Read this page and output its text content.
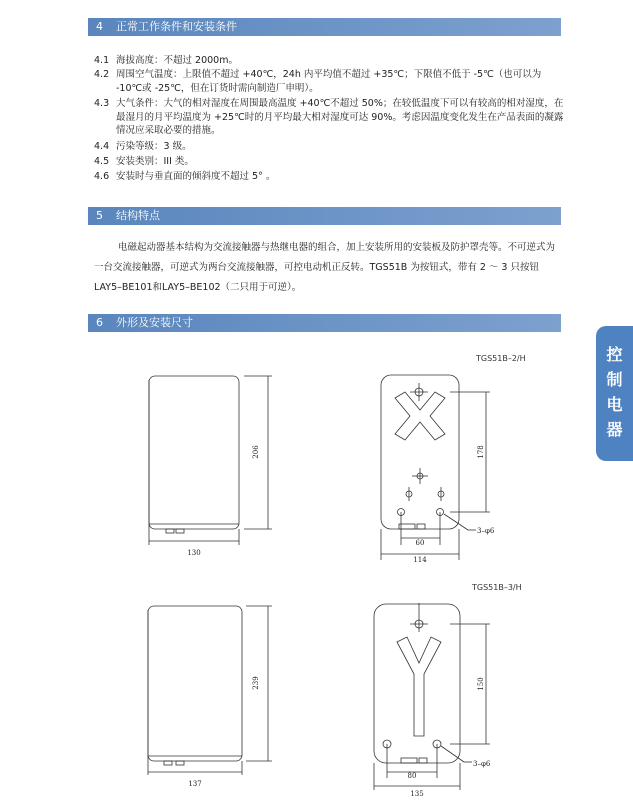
4 正常工作条件和安装条件
4.1 海拔高度：不超过 2000m。
4.2 周围空气温度：上限值不超过 +40℃，24h 内平均值不超过 +35℃；下限值不低于 -5℃（也可以为 -10℃或 -25℃，但在订货时需向制造厂申明）。
4.3 大气条件：大气的相对湿度在周围最高温度 +40℃不超过 50%；在较低温度下可以有较高的相对湿度，在最湿月的月平均温度为 +25℃时的月平均最大相对湿度可达 90%。考虑因温度变化发生在产品表面的凝露情况应采取必要的措施。
4.4 污染等级：3 级。
4.5 安装类别：III 类。
4.6 安装时与垂直面的倾斜度不超过 5° 。
5 结构特点

电磁起动器基本结构为交流接触器与热继电器的组合，加上安装所用的安装板及防护罩壳等。不可逆式为一台交流接触器，可逆式为两台交流接触器，可控电动机正反转。TGS51B 为按钮式，带有 2 ～ 3 只按钮 LAY5–BE101和LAY5–BE102（二只用于可逆）。

6 外形及安装尺寸
控
制
电
器
TGS51B–2/H
TGS51B–3/H
206
130
178
60
114
3–φ6
239
137
150
80
135
3–φ6
